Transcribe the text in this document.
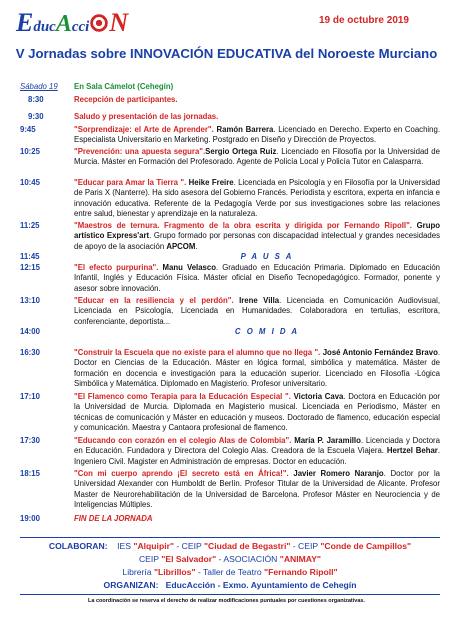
EducAcci N	19 de octubre 2019
V Jornadas sobre INNOVACIÓN EDUCATIVA del Noroeste Murciano
Sábado 19	En Sala Cámelot (Cehegín)
8:30	Recepción de participantes.
9:30	Saludo y presentación de las jornadas.
9:45	"Sorprendizaje: el Arte de Aprender". Ramón Barrera. Licenciado en Derecho. Experto en Coaching. Especialista Universitario en Marketing. Postgrado en Diseño y Dirección de Proyectos.
10:25	"Prevención: una apuesta segura".Sergio Ortega Ruiz. Licenciado en Filosofía por la Universidad de Murcia. Máster en Formación del Profesorado. Agente de Policía Local y Policía Tutor en Calasparra.
10:45	"Educar para Amar la Tierra ". Heike Freire. Licenciada en Psicología y en Filosofía por la Universidad de Paris X (Nanterre). Ha sido asesora del Gobierno Francés. Periodista y escritora, experta en infancia e innovación educativa. Referente de la Pedagogía Verde por sus investigaciones sobre las relaciones entre salud, bienestar y aprendizaje en la naturaleza.
11:25	"Maestros de ternura. Fragmento de la obra escrita y dirigida por Fernando Ripoll". Grupo artístico Express'art. Grupo formado por personas con discapacidad intelectual y grandes necesidades de apoyo de la asociación APCOM.
11:45	P A U S A
12:15	"El efecto purpurina". Manu Velasco. Graduado en Educación Primaria. Diplomado en Educación Infantil, Inglés y Educación Física. Máster oficial en Diseño Tecnopedagógico. Formador, ponente y asesor sobre innovación.
13:10	"Educar en la resiliencia y el perdón". Irene Villa. Licenciada en Comunicación Audiovisual, Licenciada en Psicología, Licenciada en Humanidades. Colaboradora en tertulias, escritora, conferenciante, deportista...
14:00	C O M I D A
16:30	"Construir la Escuela que no existe para el alumno que no llega ". José Antonio Fernández Bravo. Doctor en Ciencias de la Educación. Máster en lógica formal, simbólica y matemática. Máster de formación en docencia e investigación para la educación superior. Licenciado en Filosofía -Lógica Simbólica y Matemática. Diplomado en Magisterio. Profesor universitario.
17:10	"El Flamenco como Terapia para la Educación Especial ". Victoria Cava. Doctora en Educación por la Universidad de Murcia. Diplomada en Magisterio musical. Licenciada en Periodismo, Máster en técnicas de comunicación y Máster en educación y museos. Doctorado de flamenco, educación especial y comunicación. Maestra y Cantaora profesional de flamenco.
17:30	"Educando con corazón en el colegio Alas de Colombia". María P. Jaramillo. Licenciada y Doctora en Educación. Fundadora y Directora del Colegio Alas. Creadora de la Escuela Viajera. Hertzel Behar. Ingeniero Civil. Magister en Administración de empresas. Doctor en educación.
18:15	"Con mi cuerpo aprendo ¡El secreto está en África!". Javier Romero Naranjo. Doctor por la Universidad Alexander con Humboldt de Berlín. Profesor Titular de la Universidad de Alicante. Profesor Master de Neurorehabilitación de la Universidad de Barcelona. Profesor Máster en Neurociencia y de Inteligencias Múltiples.
19:00	FIN DE LA JORNADA
COLABORAN: IES "Alquipir" - CEIP "Ciudad de Begastri" - CEIP "Conde de Campillos"
CEIP "El Salvador" - ASOCIACIÓN "ANIMAY"
Librería "Librillos" - Taller de Teatro "Fernando Ripoll"
ORGANIZAN: EducAcción - Exmo. Ayuntamiento de Cehegín
La coordinación se reserva el derecho de realizar modificaciones puntuales por cuestiones organizativas.
